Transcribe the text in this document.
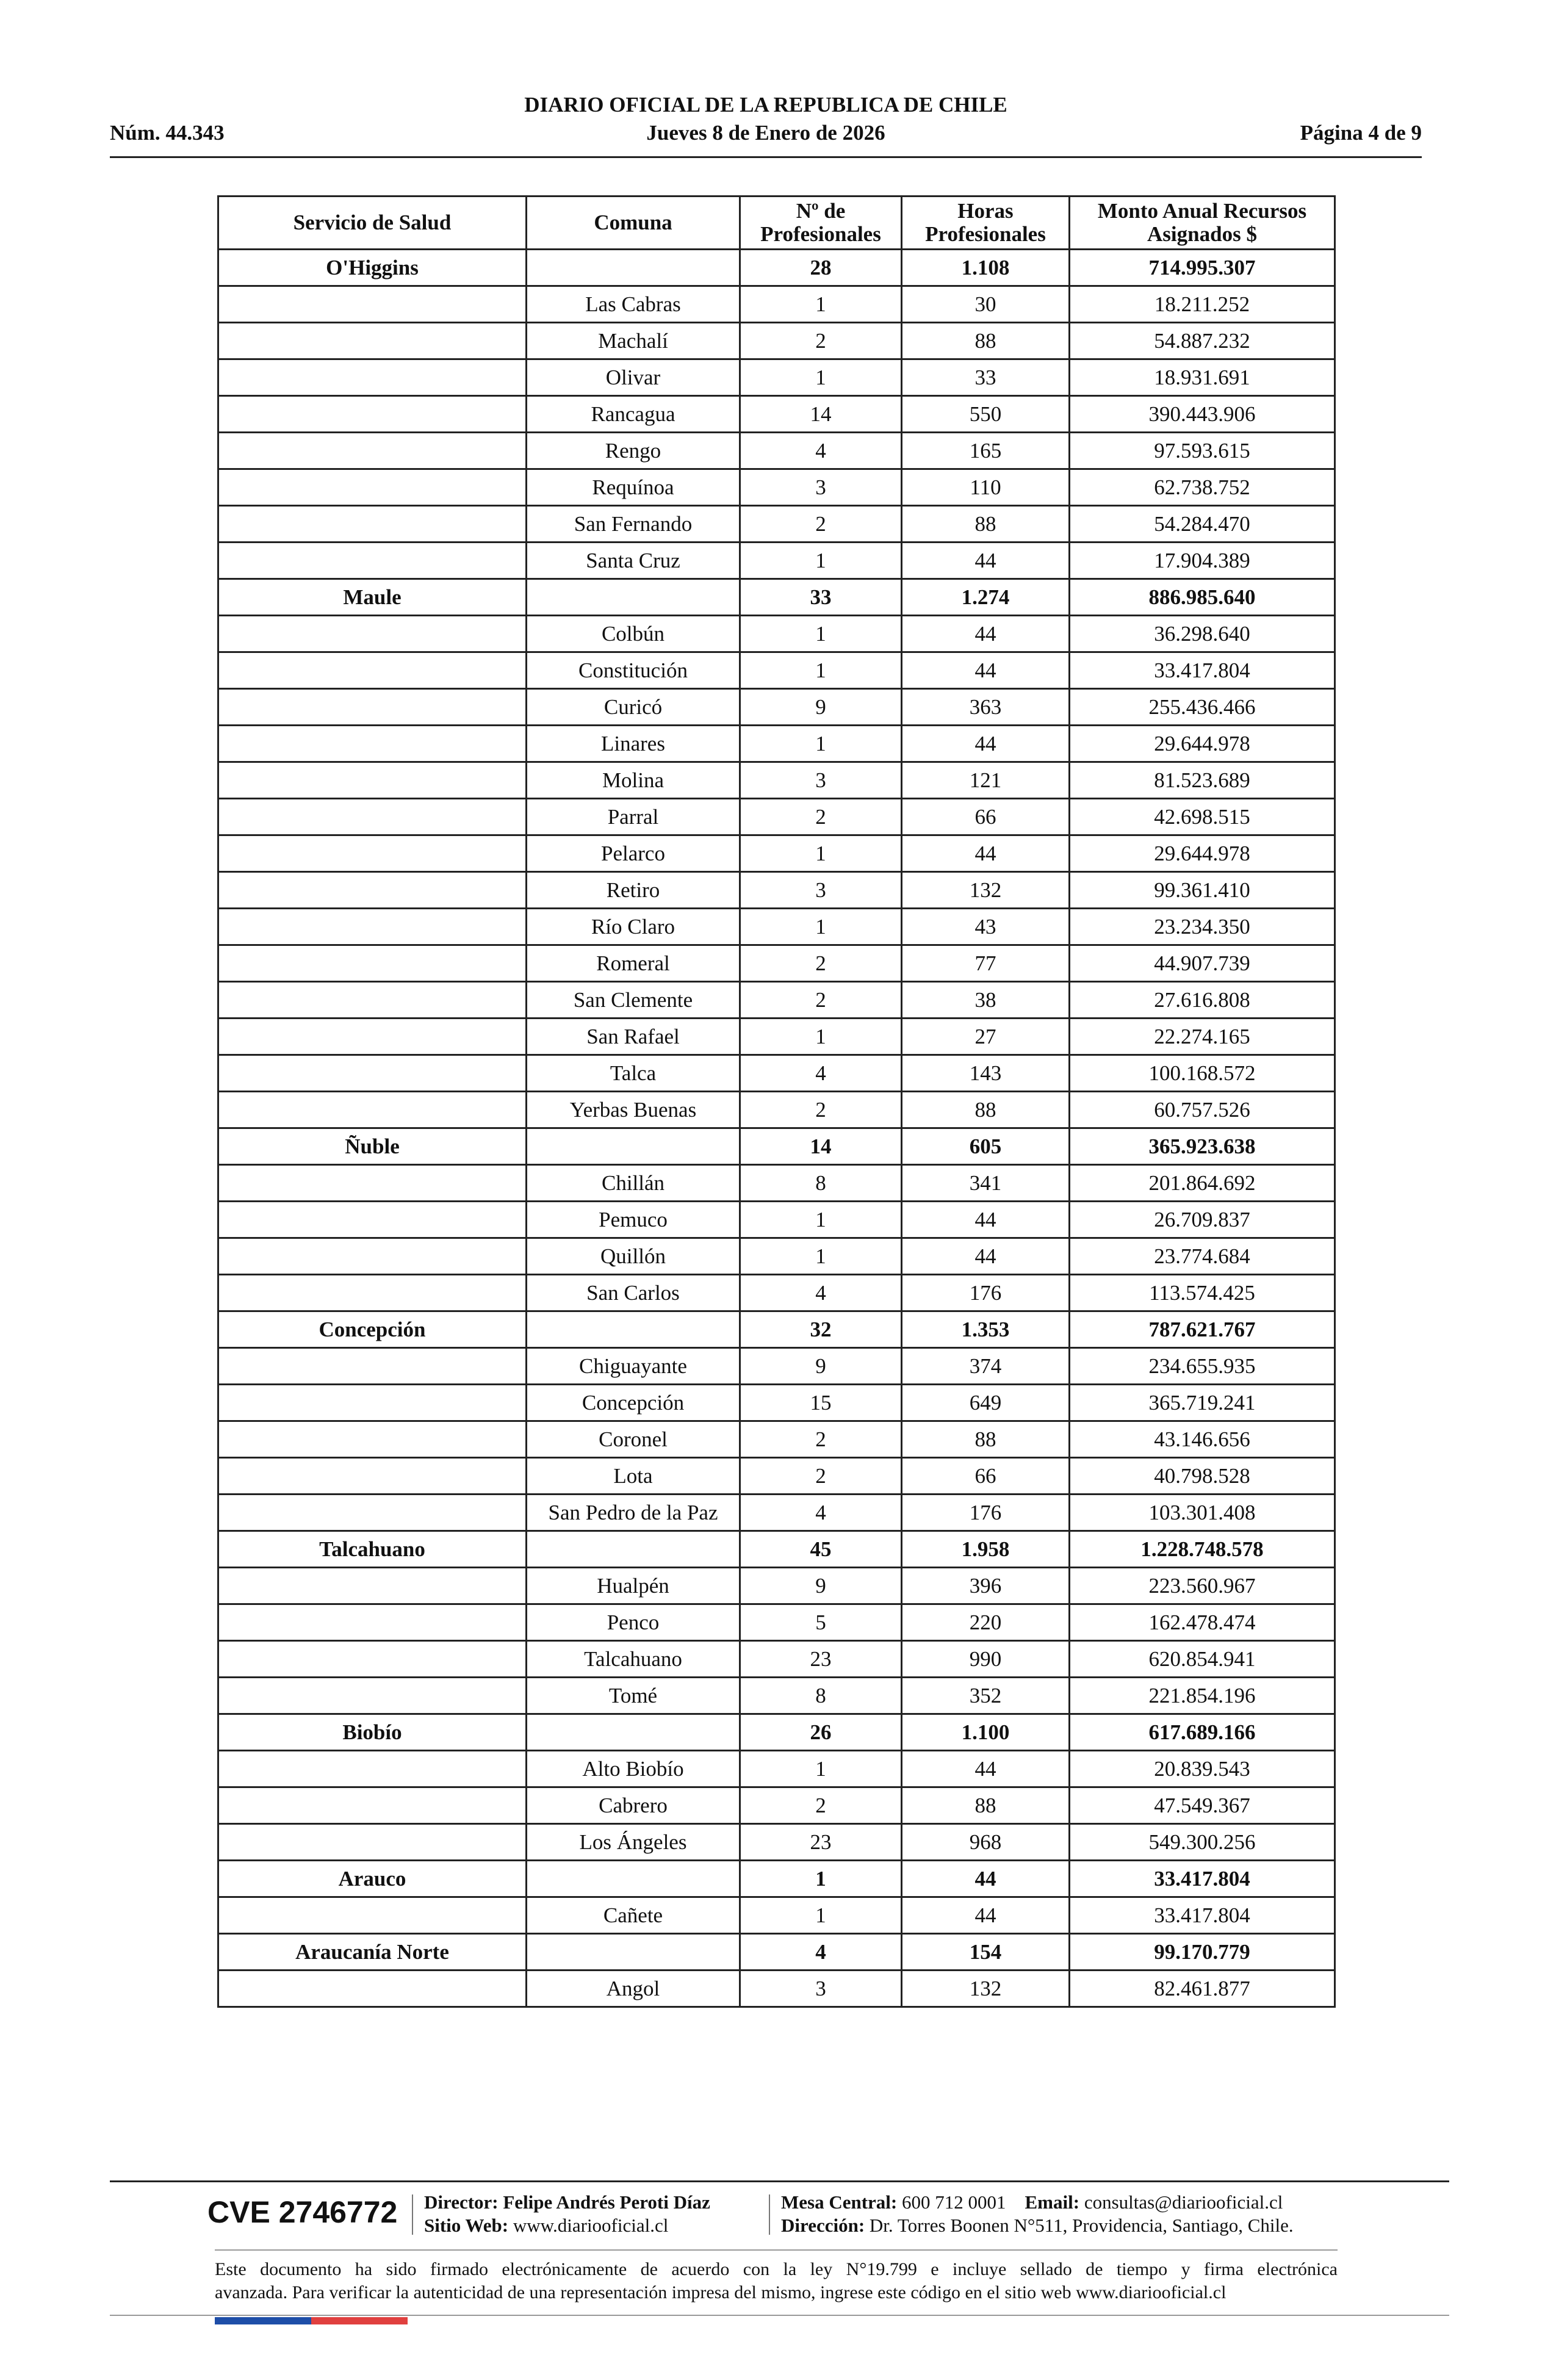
DIARIO OFICIAL DE LA REPUBLICA DE CHILE
Núm. 44.343	Jueves 8 de Enero de 2026	Página 4 de 9
Servicio de Salud	Comuna	Nº de Profesionales	Horas Profesionales	Monto Anual Recursos Asignados $
O'Higgins		28	1.108	714.995.307
	Las Cabras	1	30	18.211.252
	Machalí	2	88	54.887.232
	Olivar	1	33	18.931.691
	Rancagua	14	550	390.443.906
	Rengo	4	165	97.593.615
	Requínoa	3	110	62.738.752
	San Fernando	2	88	54.284.470
	Santa Cruz	1	44	17.904.389
Maule		33	1.274	886.985.640
	Colbún	1	44	36.298.640
	Constitución	1	44	33.417.804
	Curicó	9	363	255.436.466
	Linares	1	44	29.644.978
	Molina	3	121	81.523.689
	Parral	2	66	42.698.515
	Pelarco	1	44	29.644.978
	Retiro	3	132	99.361.410
	Río Claro	1	43	23.234.350
	Romeral	2	77	44.907.739
	San Clemente	2	38	27.616.808
	San Rafael	1	27	22.274.165
	Talca	4	143	100.168.572
	Yerbas Buenas	2	88	60.757.526
Ñuble		14	605	365.923.638
	Chillán	8	341	201.864.692
	Pemuco	1	44	26.709.837
	Quillón	1	44	23.774.684
	San Carlos	4	176	113.574.425
Concepción		32	1.353	787.621.767
	Chiguayante	9	374	234.655.935
	Concepción	15	649	365.719.241
	Coronel	2	88	43.146.656
	Lota	2	66	40.798.528
	San Pedro de la Paz	4	176	103.301.408
Talcahuano		45	1.958	1.228.748.578
	Hualpén	9	396	223.560.967
	Penco	5	220	162.478.474
	Talcahuano	23	990	620.854.941
	Tomé	8	352	221.854.196
Biobío		26	1.100	617.689.166
	Alto Biobío	1	44	20.839.543
	Cabrero	2	88	47.549.367
	Los Ángeles	23	968	549.300.256
Arauco		1	44	33.417.804
	Cañete	1	44	33.417.804
Araucanía Norte		4	154	99.170.779
	Angol	3	132	82.461.877
CVE 2746772 Director: Felipe Andrés Peroti Díaz
Sitio Web: www.diariooficial.cl
Mesa Central: 600 712 0001 Email: consultas@diariooficial.cl
Dirección: Dr. Torres Boonen N°511, Providencia, Santiago, Chile.
Este documento ha sido firmado electrónicamente de acuerdo con la ley N°19.799 e incluye sellado de tiempo y firma electrónica
avanzada. Para verificar la autenticidad de una representación impresa del mismo, ingrese este código en el sitio web www.diariooficial.cl
